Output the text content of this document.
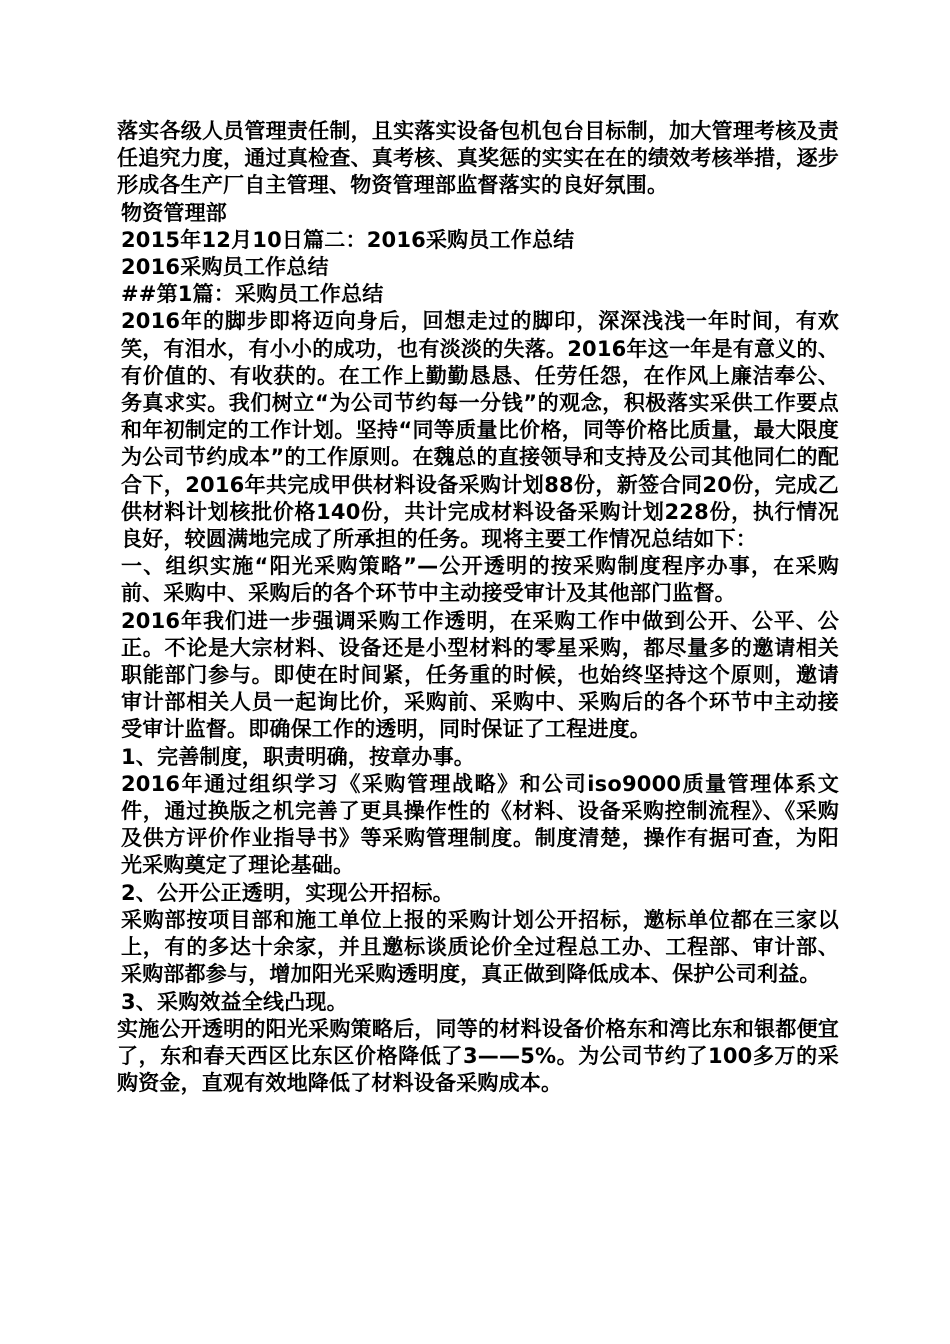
落实各级人员管理责任制，且实落实设备包机包台目标制，加大管理考核及责任追究力度，通过真检查、真考核、真奖惩的实实在在的绩效考核举措，逐步形成各生产厂自主管理、物资管理部监督落实的良好氛围。

物资管理部

2015年12月10日篇二：2016采购员工作总结

2016采购员工作总结

##第1篇：采购员工作总结

2016年的脚步即将迈向身后，回想走过的脚印，深深浅浅一年时间，有欢笑，有泪水，有小小的成功，也有淡淡的失落。2016年这一年是有意义的、有价值的、有收获的。在工作上勤勤恳恳、任劳任怨，在作风上廉洁奉公、务真求实。我们树立“为公司节约每一分钱”的观念，积极落实采供工作要点和年初制定的工作计划。坚持“同等质量比价格，同等价格比质量，最大限度为公司节约成本”的工作原则。在魏总的直接领导和支持及公司其他同仁的配合下，2016年共完成甲供材料设备采购计划88份，新签合同20份，完成乙供材料计划核批价格140份，共计完成材料设备采购计划228份，执行情况良好，较圆满地完成了所承担的任务。现将主要工作情况总结如下：

一、组织实施“阳光采购策略”—公开透明的按采购制度程序办事，在采购前、采购中、采购后的各个环节中主动接受审计及其他部门监督。

2016年我们进一步强调采购工作透明，在采购工作中做到公开、公平、公正。不论是大宗材料、设备还是小型材料的零星采购，都尽量多的邀请相关职能部门参与。即使在时间紧，任务重的时候，也始终坚持这个原则，邀请审计部相关人员一起询比价，采购前、采购中、采购后的各个环节中主动接受审计监督。即确保工作的透明，同时保证了工程进度。

1、完善制度，职责明确，按章办事。

2016年通过组织学习《采购管理战略》和公司iso9000质量管理体系文件，通过换版之机完善了更具操作性的《材料、设备采购控制流程》、《采购及供方评价作业指导书》等采购管理制度。制度清楚，操作有据可查，为阳光采购奠定了理论基础。

2、公开公正透明，实现公开招标。

采购部按项目部和施工单位上报的采购计划公开招标，邀标单位都在三家以上，有的多达十余家，并且邀标谈质论价全过程总工办、工程部、审计部、采购部都参与，增加阳光采购透明度，真正做到降低成本、保护公司利益。

3、采购效益全线凸现。

实施公开透明的阳光采购策略后，同等的材料设备价格东和湾比东和银都便宜了，东和春天西区比东区价格降低了3——5%。为公司节约了100多万的采购资金，直观有效地降低了材料设备采购成本。
